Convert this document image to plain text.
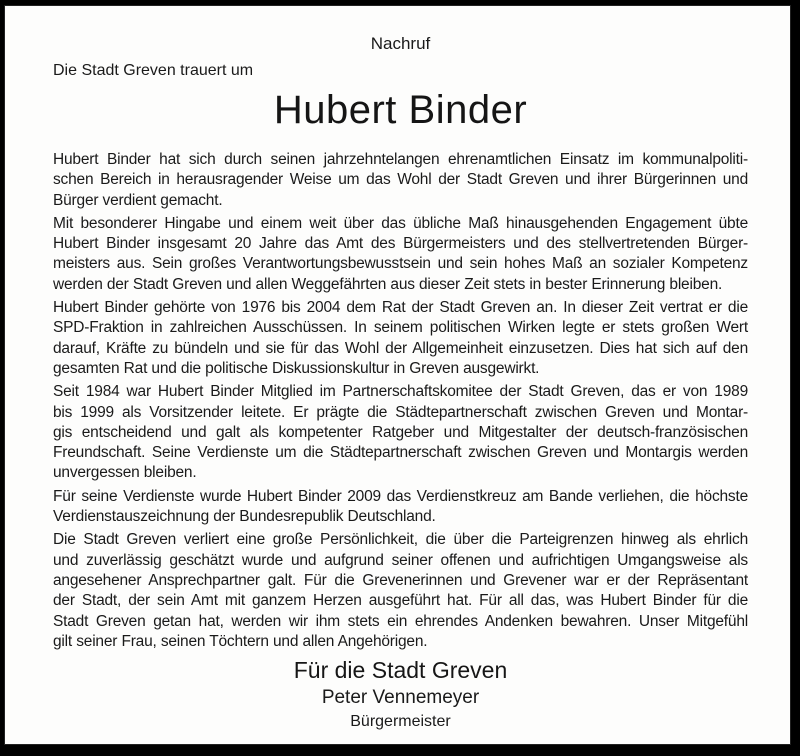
Nachruf
Die Stadt Greven trauert um
Hubert Binder
Hubert Binder hat sich durch seinen jahrzehntelangen ehrenamtlichen Einsatz im kommunalpoliti-
schen Bereich in herausragender Weise um das Wohl der Stadt Greven und ihrer Bürgerinnen und
Bürger verdient gemacht.
Mit besonderer Hingabe und einem weit über das übliche Maß hinausgehenden Engagement übte
Hubert Binder insgesamt 20 Jahre das Amt des Bürgermeisters und des stellvertretenden Bürger-
meisters aus. Sein großes Verantwortungsbewusstsein und sein hohes Maß an sozialer Kompetenz
werden der Stadt Greven und allen Weggefährten aus dieser Zeit stets in bester Erinnerung bleiben.
Hubert Binder gehörte von 1976 bis 2004 dem Rat der Stadt Greven an. In dieser Zeit vertrat er die
SPD-Fraktion in zahlreichen Ausschüssen. In seinem politischen Wirken legte er stets großen Wert
darauf, Kräfte zu bündeln und sie für das Wohl der Allgemeinheit einzusetzen. Dies hat sich auf den
gesamten Rat und die politische Diskussionskultur in Greven ausgewirkt.
Seit 1984 war Hubert Binder Mitglied im Partnerschaftskomitee der Stadt Greven, das er von 1989
bis 1999 als Vorsitzender leitete. Er prägte die Städtepartnerschaft zwischen Greven und Montar-
gis entscheidend und galt als kompetenter Ratgeber und Mitgestalter der deutsch-französischen
Freundschaft. Seine Verdienste um die Städtepartnerschaft zwischen Greven und Montargis werden
unvergessen bleiben.
Für seine Verdienste wurde Hubert Binder 2009 das Verdienstkreuz am Bande verliehen, die höchste
Verdienstauszeichnung der Bundesrepublik Deutschland.
Die Stadt Greven verliert eine große Persönlichkeit, die über die Parteigrenzen hinweg als ehrlich
und zuverlässig geschätzt wurde und aufgrund seiner offenen und aufrichtigen Umgangsweise als
angesehener Ansprechpartner galt. Für die Grevenerinnen und Grevener war er der Repräsentant
der Stadt, der sein Amt mit ganzem Herzen ausgeführt hat. Für all das, was Hubert Binder für die
Stadt Greven getan hat, werden wir ihm stets ein ehrendes Andenken bewahren. Unser Mitgefühl
gilt seiner Frau, seinen Töchtern und allen Angehörigen.
Für die Stadt Greven
Peter Vennemeyer
Bürgermeister
